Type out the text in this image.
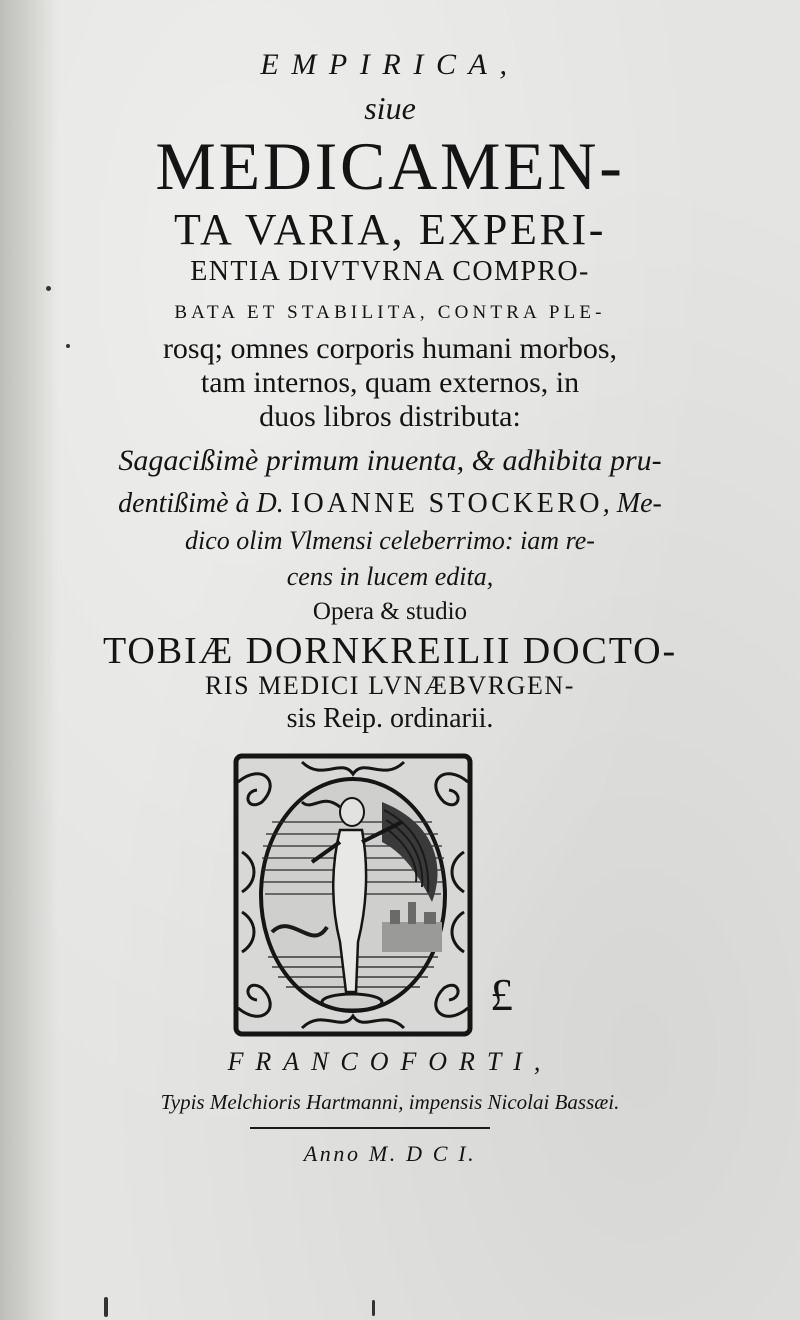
EMPIRICA,
siue
MEDICAMEN-
TA VARIA, EXPERI-
ENTIA DIVTVRNA COMPRO-
BATA ET STABILITA, CONTRA PLE-
rosq; omnes corporis humani morbos,
tam internos, quam externos, in
duos libros distributa:
Sagacißimè primum inuenta, & adhibita pru-
dentißimè à D. IOANNE STOCKERO, Me-
dico olim Vlmensi celeberrimo: iam re-
cens in lucem edita,
Opera & studio
TOBIÆ DORNKREILII DOCTO-
RIS MEDICI LVNÆBVRGEN-
sis Reip. ordinarii.
£
FRANCOFORTI,
Typis Melchioris Hartmanni, impensis Nicolai Bassæi.
Anno M. D C I.
